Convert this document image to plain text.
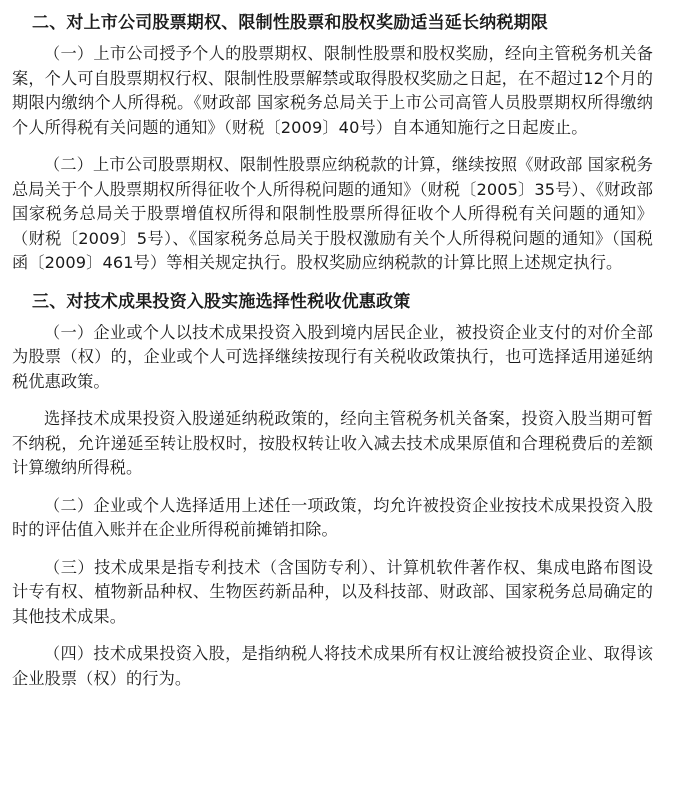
二、对上市公司股票期权、限制性股票和股权奖励适当延长纳税期限

（一）上市公司授予个人的股票期权、限制性股票和股权奖励，经向主管税务机关备案，个人可自股票期权行权、限制性股票解禁或取得股权奖励之日起，在不超过12个月的期限内缴纳个人所得税。《财政部 国家税务总局关于上市公司高管人员股票期权所得缴纳个人所得税有关问题的通知》（财税〔2009〕40号）自本通知施行之日起废止。

（二）上市公司股票期权、限制性股票应纳税款的计算，继续按照《财政部 国家税务总局关于个人股票期权所得征收个人所得税问题的通知》（财税〔2005〕35号）、《财政部 国家税务总局关于股票增值权所得和限制性股票所得征收个人所得税有关问题的通知》（财税〔2009〕5号）、《国家税务总局关于股权激励有关个人所得税问题的通知》（国税函〔2009〕461号）等相关规定执行。股权奖励应纳税款的计算比照上述规定执行。

三、对技术成果投资入股实施选择性税收优惠政策

（一）企业或个人以技术成果投资入股到境内居民企业，被投资企业支付的对价全部为股票（权）的，企业或个人可选择继续按现行有关税收政策执行，也可选择适用递延纳税优惠政策。

选择技术成果投资入股递延纳税政策的，经向主管税务机关备案，投资入股当期可暂不纳税，允许递延至转让股权时，按股权转让收入减去技术成果原值和合理税费后的差额计算缴纳所得税。

（二）企业或个人选择适用上述任一项政策，均允许被投资企业按技术成果投资入股时的评估值入账并在企业所得税前摊销扣除。

（三）技术成果是指专利技术（含国防专利）、计算机软件著作权、集成电路布图设计专有权、植物新品种权、生物医药新品种，以及科技部、财政部、国家税务总局确定的其他技术成果。

（四）技术成果投资入股，是指纳税人将技术成果所有权让渡给被投资企业、取得该企业股票（权）的行为。
